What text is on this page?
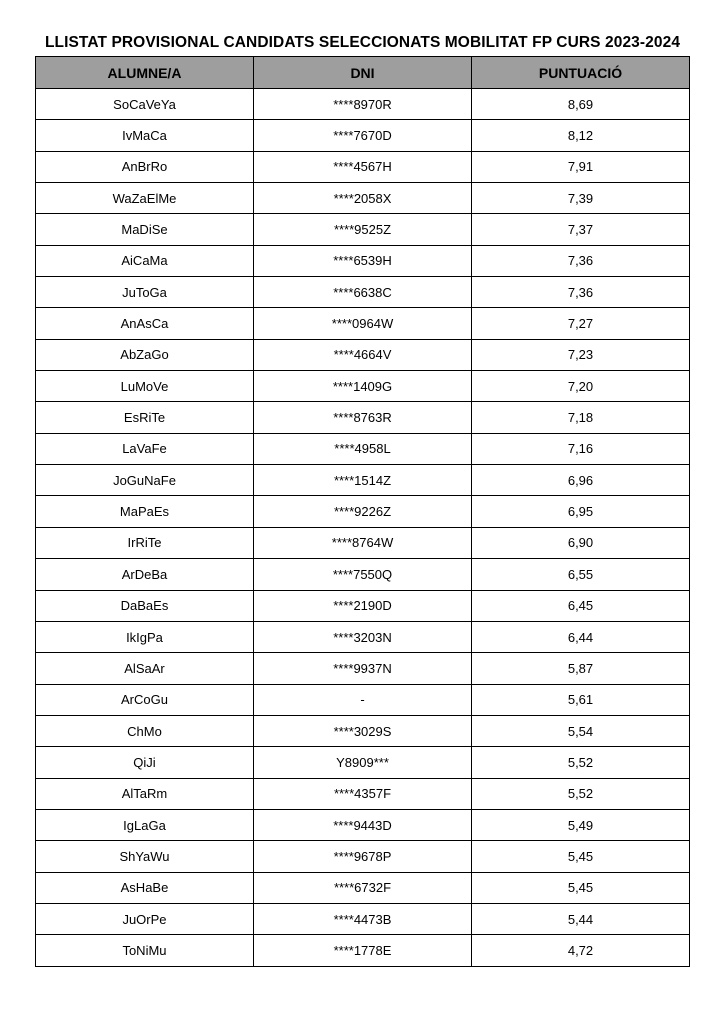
LLISTAT PROVISIONAL CANDIDATS SELECCIONATS MOBILITAT FP CURS 2023-2024
ALUMNE/A	DNI	PUNTUACIÓ
SoCaVeYa	****8970R	8,69
IvMaCa	****7670D	8,12
AnBrRo	****4567H	7,91
WaZaElMe	****2058X	7,39
MaDiSe	****9525Z	7,37
AiCaMa	****6539H	7,36
JuToGa	****6638C	7,36
AnAsCa	****0964W	7,27
AbZaGo	****4664V	7,23
LuMoVe	****1409G	7,20
EsRiTe	****8763R	7,18
LaVaFe	****4958L	7,16
JoGuNaFe	****1514Z	6,96
MaPaEs	****9226Z	6,95
IrRiTe	****8764W	6,90
ArDeBa	****7550Q	6,55
DaBaEs	****2190D	6,45
IkIgPa	****3203N	6,44
AlSaAr	****9937N	5,87
ArCoGu	-	5,61
ChMo	****3029S	5,54
QiJi	Y8909***	5,52
AlTaRm	****4357F	5,52
IgLaGa	****9443D	5,49
ShYaWu	****9678P	5,45
AsHaBe	****6732F	5,45
JuOrPe	****4473B	5,44
ToNiMu	****1778E	4,72
